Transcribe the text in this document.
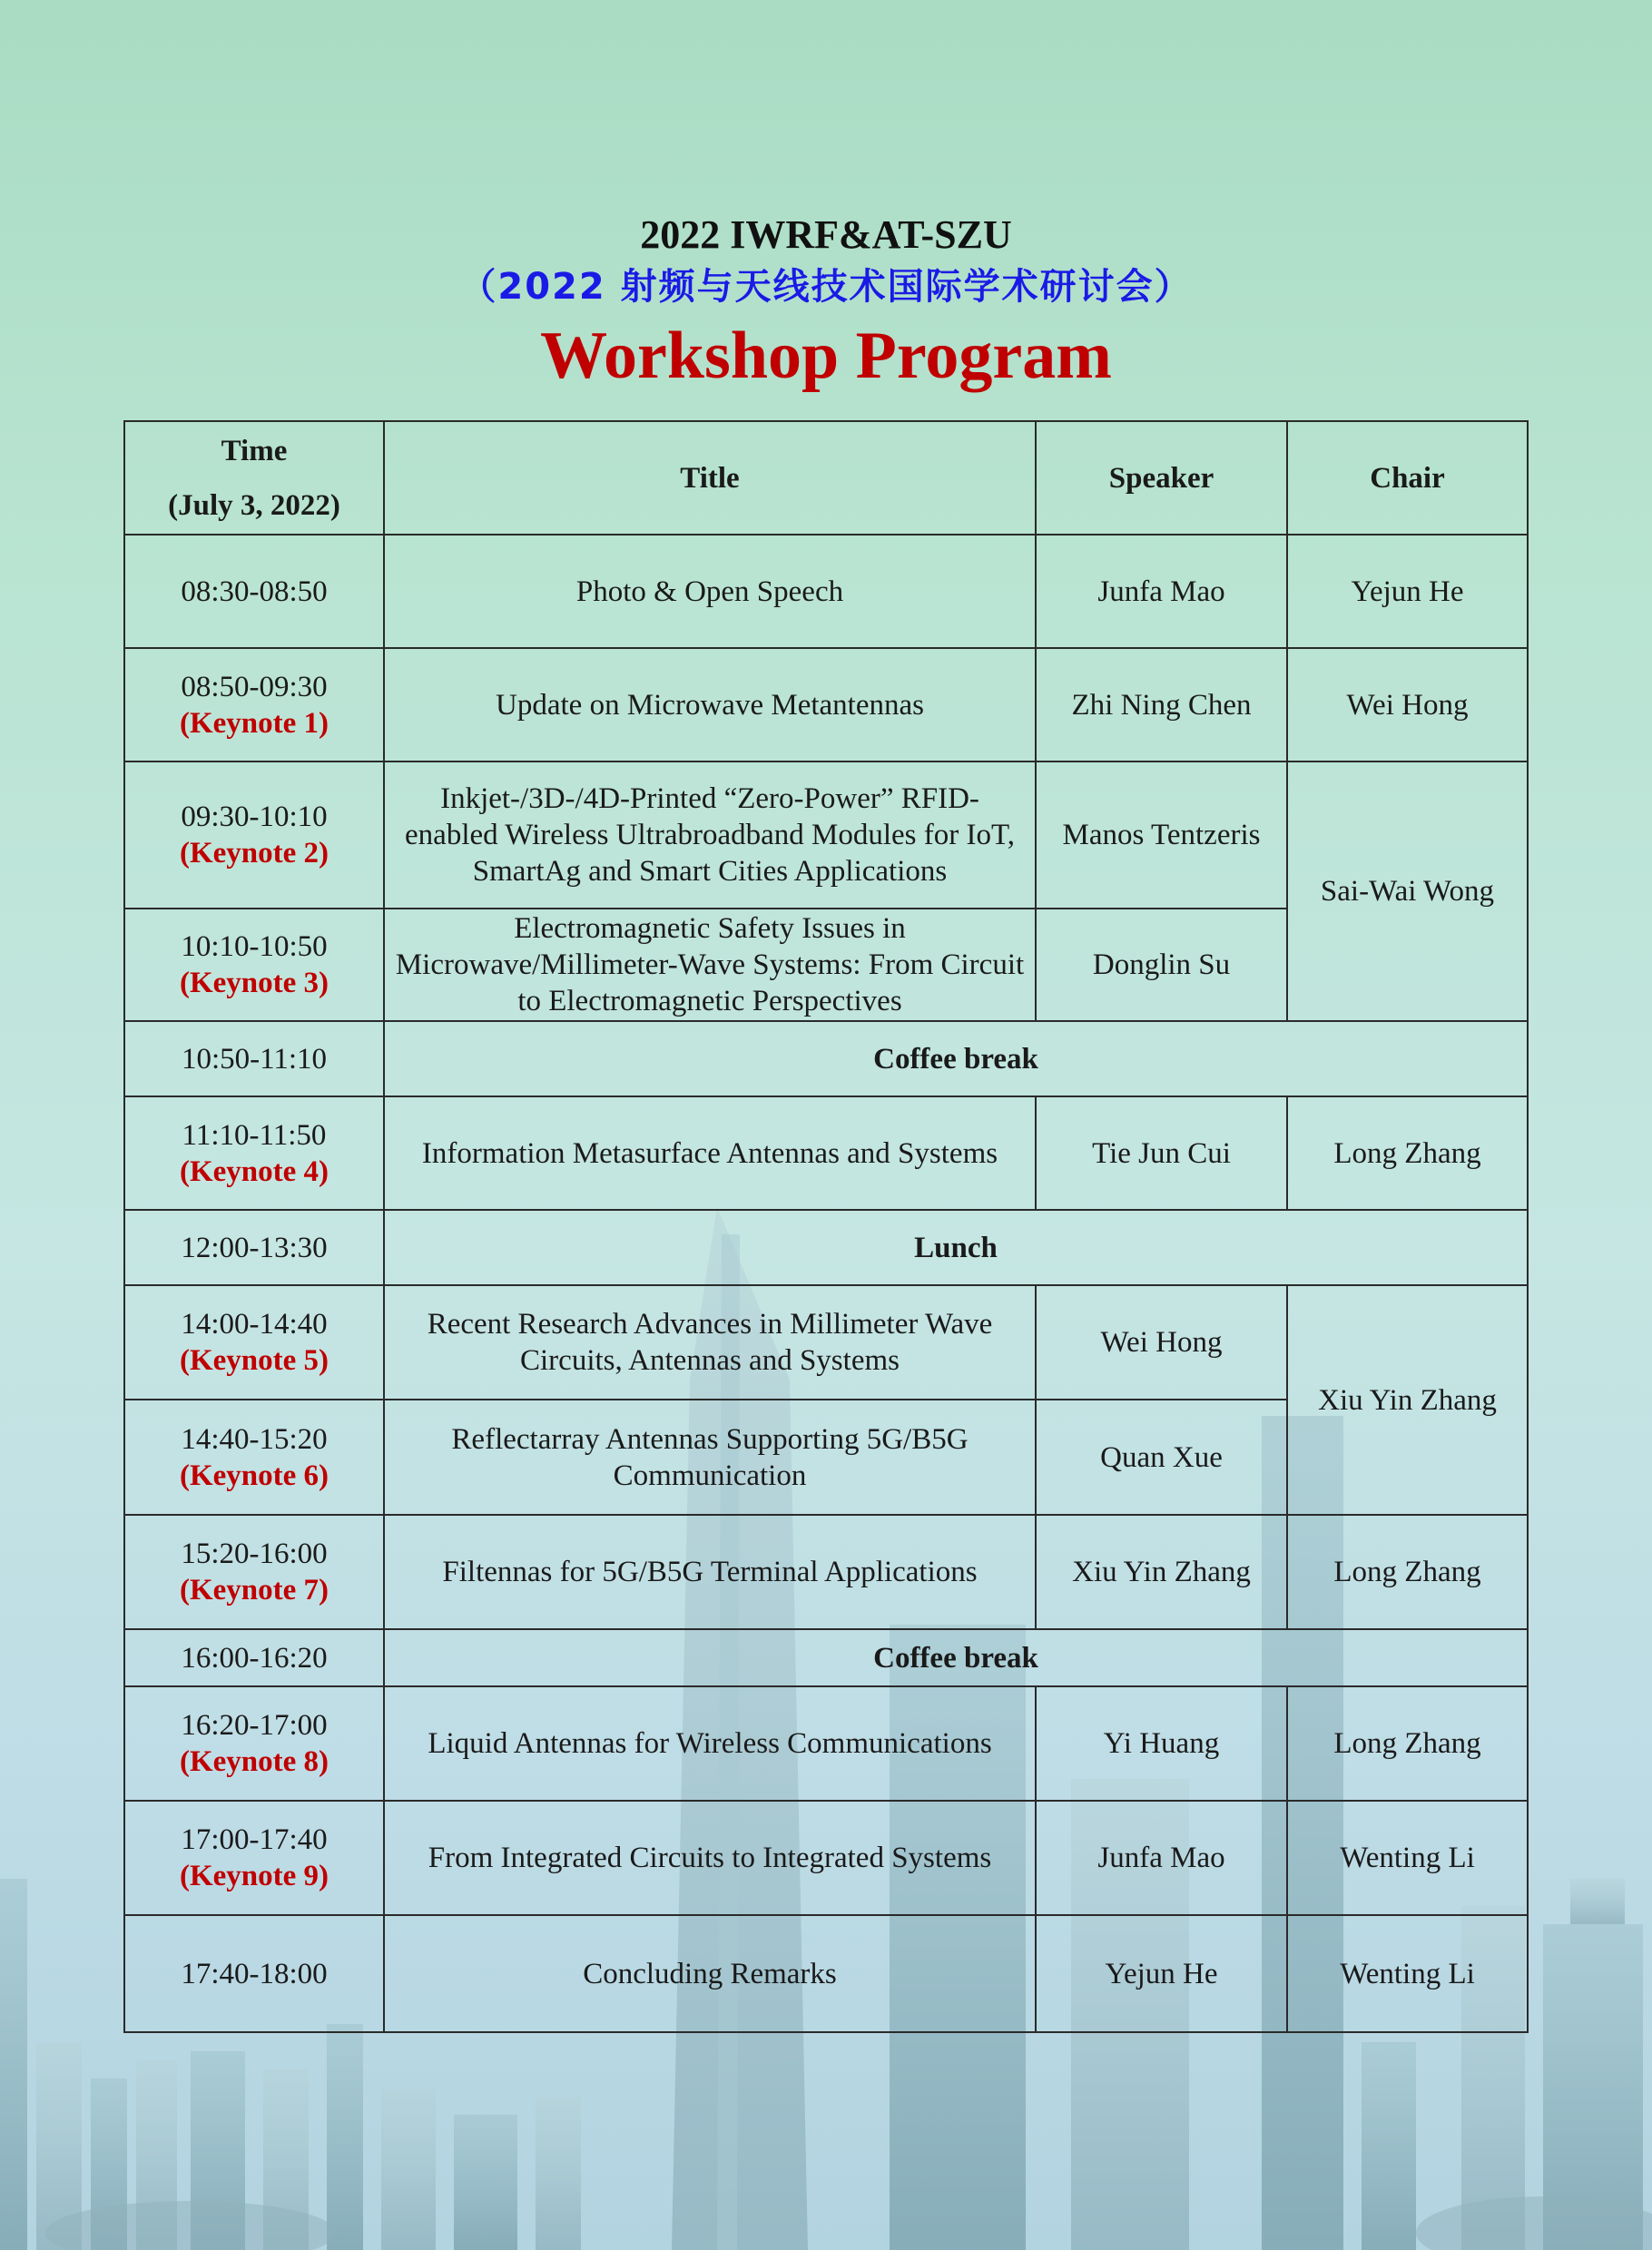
2022 IWRF&AT-SZU
（2022 射频与天线技术国际学术研讨会）
Workshop Program
Time
(July 3, 2022)	Title	Speaker	Chair
08:30-08:50	Photo & Open Speech	Junfa Mao	Yejun He

08:50-09:30
(Keynote 1)	Update on Microwave Metantennas	Zhi Ning Chen	Wei Hong

09:30-10:10
(Keynote 2)	Inkjet-/3D-/4D-Printed “Zero-Power” RFID-enabled Wireless Ultrabroadband Modules for IoT, SmartAg and Smart Cities Applications	Manos Tentzeris	Sai-Wai Wong

10:10-10:50
(Keynote 3)	Electromagnetic Safety Issues in Microwave/Millimeter-Wave Systems: From Circuit to Electromagnetic Perspectives	Donglin Su	
10:50-11:10	Coffee break		

11:10-11:50
(Keynote 4)	Information Metasurface Antennas and Systems	Tie Jun Cui	Long Zhang
12:00-13:30	Lunch		

14:00-14:40
(Keynote 5)	Recent Research Advances in Millimeter Wave Circuits, Antennas and Systems	Wei Hong	Xiu Yin Zhang

14:40-15:20
(Keynote 6)	Reflectarray Antennas Supporting 5G/B5G Communication	Quan Xue	

15:20-16:00
(Keynote 7)	Filtennas for 5G/B5G Terminal Applications	Xiu Yin Zhang	Long Zhang
16:00-16:20	Coffee break		

16:20-17:00
(Keynote 8)	Liquid Antennas for Wireless Communications	Yi Huang	Long Zhang

17:00-17:40
(Keynote 9)	From Integrated Circuits to Integrated Systems	Junfa Mao	Wenting Li
17:40-18:00	Concluding Remarks	Yejun He	Wenting Li
